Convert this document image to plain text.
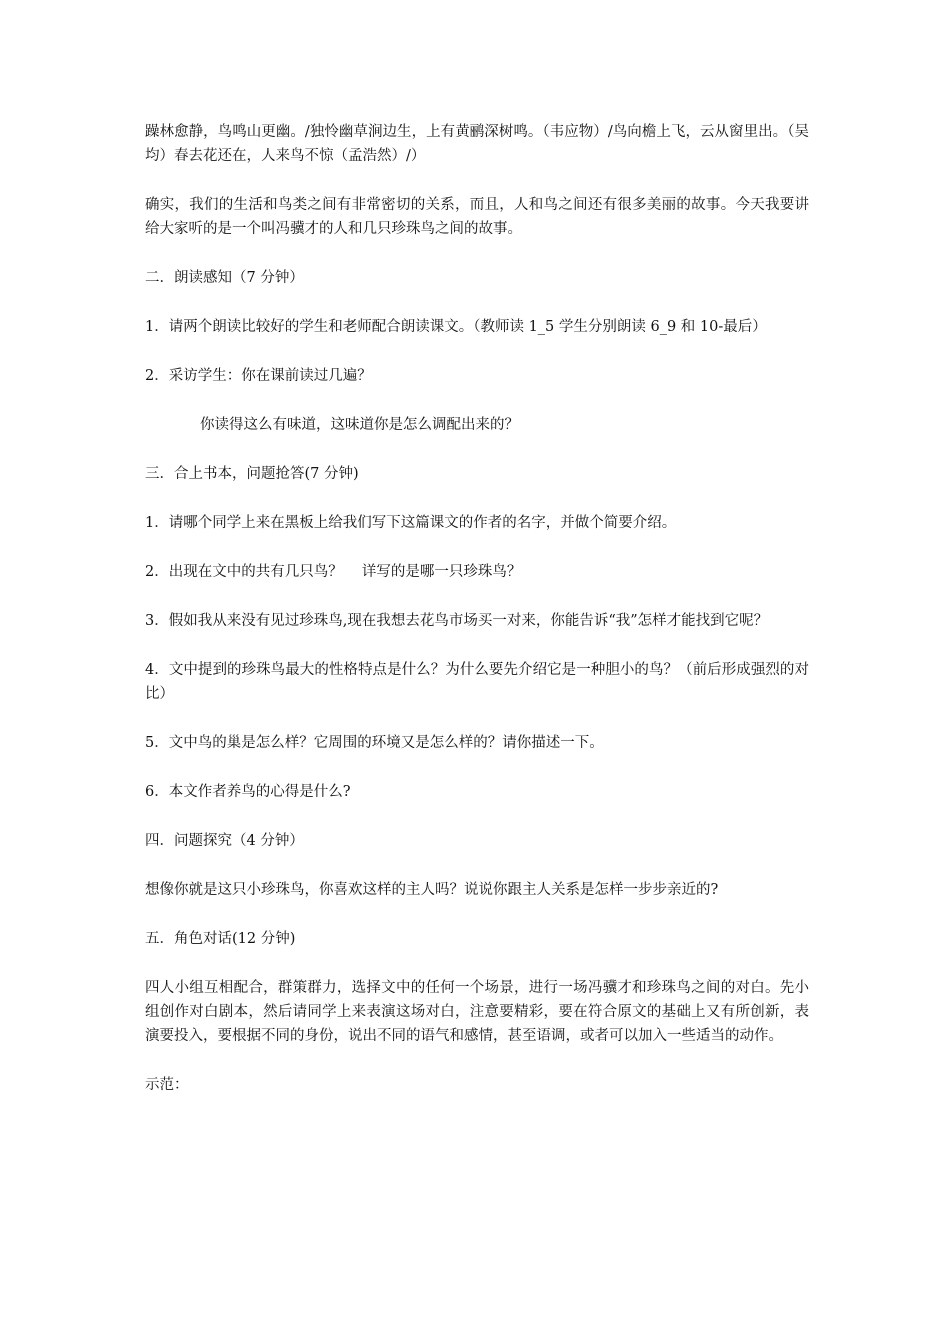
躁林愈静，鸟鸣山更幽。/独怜幽草涧边生，上有黄鹂深树鸣。（韦应物）/鸟向檐上飞，云从窗里出。（吴均）春去花还在，人来鸟不惊（孟浩然）/）

确实，我们的生活和鸟类之间有非常密切的关系，而且，人和鸟之间还有很多美丽的故事。今天我要讲给大家听的是一个叫冯骥才的人和几只珍珠鸟之间的故事。

二．朗读感知（7 分钟）

1．请两个朗读比较好的学生和老师配合朗读课文。（教师读 1_5 学生分别朗读 6_9 和 10-最后）

2．采访学生：你在课前读过几遍？

你读得这么有味道，这味道你是怎么调配出来的？

三．合上书本，问题抢答(7 分钟)

1．请哪个同学上来在黑板上给我们写下这篇课文的作者的名字，并做个简要介绍。

2．出现在文中的共有几只鸟？　 详写的是哪一只珍珠鸟？

3．假如我从来没有见过珍珠鸟,现在我想去花鸟市场买一对来，你能告诉“我”怎样才能找到它呢？

4．文中提到的珍珠鸟最大的性格特点是什么？为什么要先介绍它是一种胆小的鸟？（前后形成强烈的对比）

5．文中鸟的巢是怎么样？它周围的环境又是怎么样的？请你描述一下。

6．本文作者养鸟的心得是什么?

四．问题探究（4 分钟）

想像你就是这只小珍珠鸟，你喜欢这样的主人吗？说说你跟主人关系是怎样一步步亲近的?

五．角色对话(12 分钟)

四人小组互相配合，群策群力，选择文中的任何一个场景，进行一场冯骥才和珍珠鸟之间的对白。先小组创作对白剧本，然后请同学上来表演这场对白，注意要精彩，要在符合原文的基础上又有所创新，表演要投入，要根据不同的身份，说出不同的语气和感情，甚至语调，或者可以加入一些适当的动作。

示范：
